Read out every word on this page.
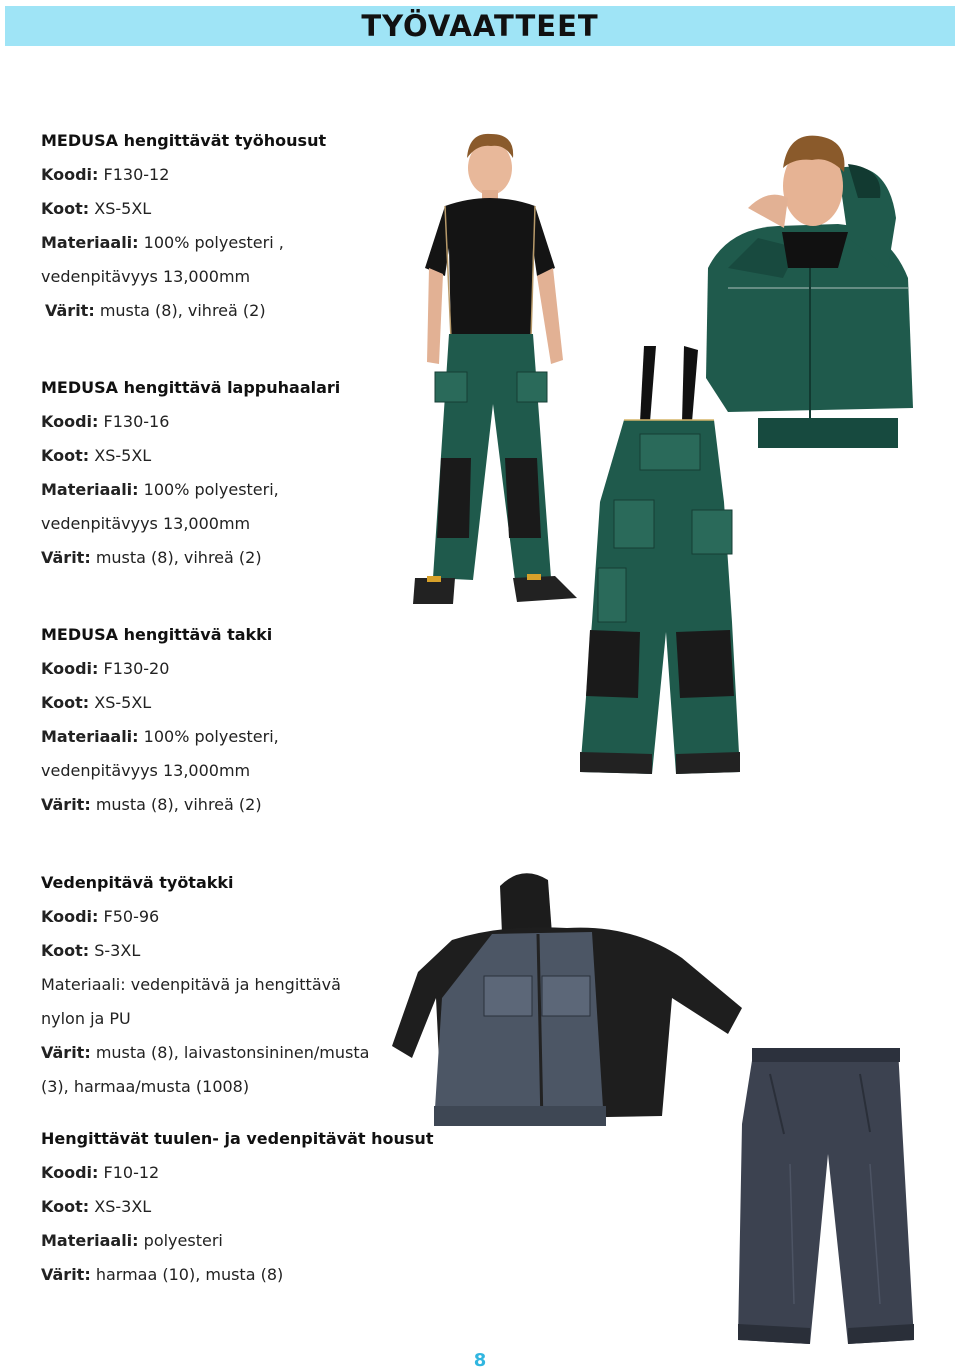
TYÖVAATTEET
MEDUSA hengittävät työhousut
Koodi: F130-12
Koot: XS-5XL
Materiaali: 100% polyesteri ,
vedenpitävyys 13,000mm
Värit: musta (8), vihreä (2)
MEDUSA hengittävä lappuhaalari
Koodi: F130-16
Koot: XS-5XL
Materiaali: 100% polyesteri,
vedenpitävyys 13,000mm
Värit: musta (8), vihreä (2)
MEDUSA hengittävä takki
Koodi: F130-20
Koot: XS-5XL
Materiaali: 100% polyesteri,
vedenpitävyys 13,000mm
Värit: musta (8), vihreä (2)
Vedenpitävä työtakki
Koodi: F50-96
Koot: S-3XL
Materiaali: vedenpitävä ja hengittävä
nylon ja PU
Värit: musta (8), laivastonsininen/musta
(3), harmaa/musta (1008)
Hengittävät tuulen- ja vedenpitävät housut
Koodi: F10-12
Koot: XS-3XL
Materiaali: polyesteri
Värit: harmaa (10), musta (8)
8
